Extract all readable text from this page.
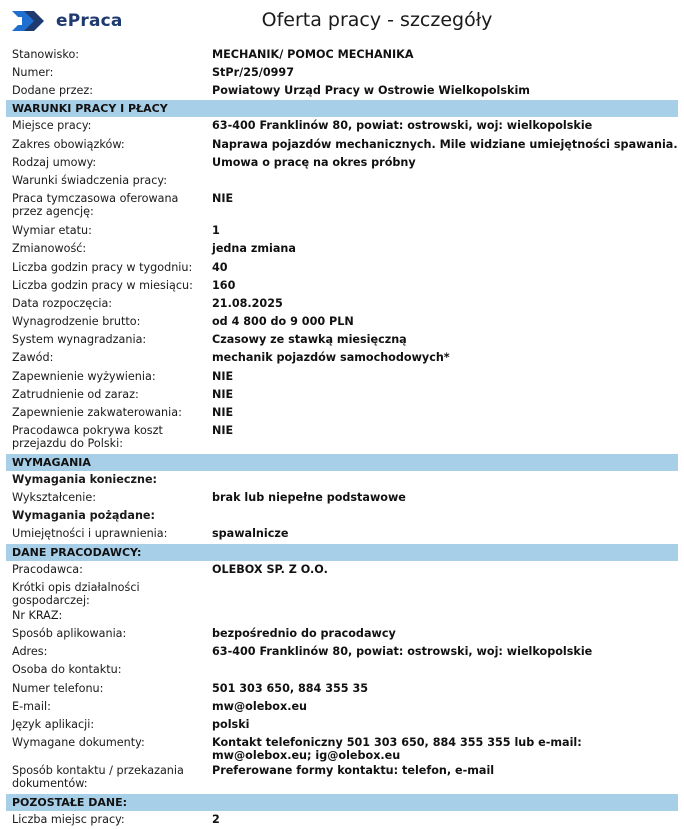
ePraca	Oferta pracy - szczegóły
Stanowisko:	MECHANIK/ POMOC MECHANIKA
Numer:	StPr/25/0997
Dodane przez:	Powiatowy Urząd Pracy w Ostrowie Wielkopolskim
WARUNKI PRACY I PŁACY	
Miejsce pracy:	63-400 Franklinów 80, powiat: ostrowski, woj: wielkopolskie
Zakres obowiązków:	Naprawa pojazdów mechanicznych. Mile widziane umiejętności spawania.
Rodzaj umowy:	Umowa o pracę na okres próbny
Warunki świadczenia pracy:	
Praca tymczasowa oferowana przez agencję:	NIE
Wymiar etatu:	1
Zmianowość:	jedna zmiana
Liczba godzin pracy w tygodniu:	40
Liczba godzin pracy w miesiącu:	160
Data rozpoczęcia:	21.08.2025
Wynagrodzenie brutto:	od 4 800 do 9 000 PLN
System wynagradzania:	Czasowy ze stawką miesięczną
Zawód:	mechanik pojazdów samochodowych*
Zapewnienie wyżywienia:	NIE
Zatrudnienie od zaraz:	NIE
Zapewnienie zakwaterowania:	NIE
Pracodawca pokrywa koszt przejazdu do Polski:	NIE
WYMAGANIA	
Wymagania konieczne:	
Wykształcenie:	brak lub niepełne podstawowe
Wymagania pożądane:	
Umiejętności i uprawnienia:	spawalnicze
DANE PRACODAWCY:	
Pracodawca:	OLEBOX SP. Z O.O.
Krótki opis działalności gospodarczej:	
Nr KRAZ:	
Sposób aplikowania:	bezpośrednio do pracodawcy
Adres:	63-400 Franklinów 80, powiat: ostrowski, woj: wielkopolskie
Osoba do kontaktu:	
Numer telefonu:	501 303 650, 884 355 35
E-mail:	mw@olebox.eu
Język aplikacji:	polski
Wymagane dokumenty:	Kontakt telefoniczny 501 303 650, 884 355 355 lub e-mail: mw@olebox.eu; ig@olebox.eu
Sposób kontaktu / przekazania dokumentów:	Preferowane formy kontaktu: telefon, e-mail
POZOSTAŁE DANE:	
Liczba miejsc pracy:	2
